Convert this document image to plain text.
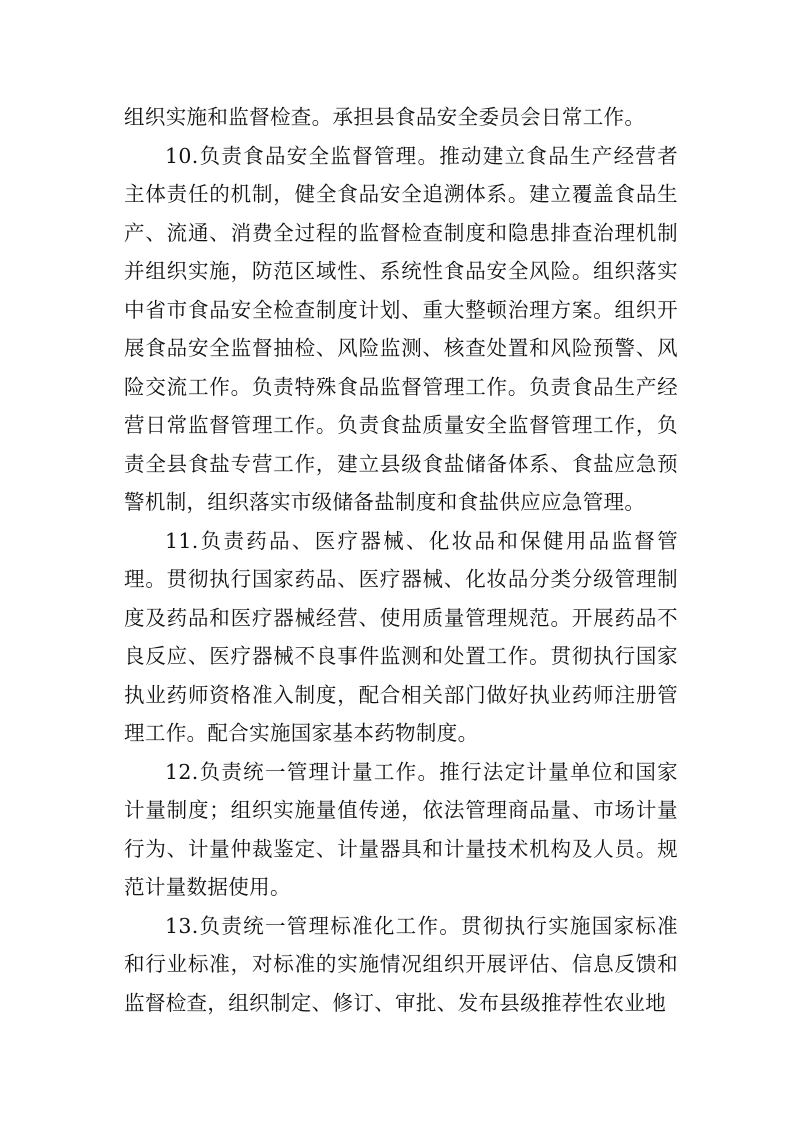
组织实施和监督检查。承担县食品安全委员会日常工作。

10.负责食品安全监督管理。推动建立食品生产经营者主体责任的机制，健全食品安全追溯体系。建立覆盖食品生产、流通、消费全过程的监督检查制度和隐患排查治理机制并组织实施，防范区域性、系统性食品安全风险。组织落实中省市食品安全检查制度计划、重大整顿治理方案。组织开展食品安全监督抽检、风险监测、核查处置和风险预警、风险交流工作。负责特殊食品监督管理工作。负责食品生产经营日常监督管理工作。负责食盐质量安全监督管理工作，负责全县食盐专营工作，建立县级食盐储备体系、食盐应急预警机制，组织落实市级储备盐制度和食盐供应应急管理。

11.负责药品、医疗器械、化妆品和保健用品监督管理。贯彻执行国家药品、医疗器械、化妆品分类分级管理制度及药品和医疗器械经营、使用质量管理规范。开展药品不良反应、医疗器械不良事件监测和处置工作。贯彻执行国家执业药师资格准入制度，配合相关部门做好执业药师注册管理工作。配合实施国家基本药物制度。

12.负责统一管理计量工作。推行法定计量单位和国家计量制度；组织实施量值传递，依法管理商品量、市场计量行为、计量仲裁鉴定、计量器具和计量技术机构及人员。规范计量数据使用。

13.负责统一管理标准化工作。贯彻执行实施国家标准和行业标准，对标准的实施情况组织开展评估、信息反馈和监督检查，组织制定、修订、审批、发布县级推荐性农业地
